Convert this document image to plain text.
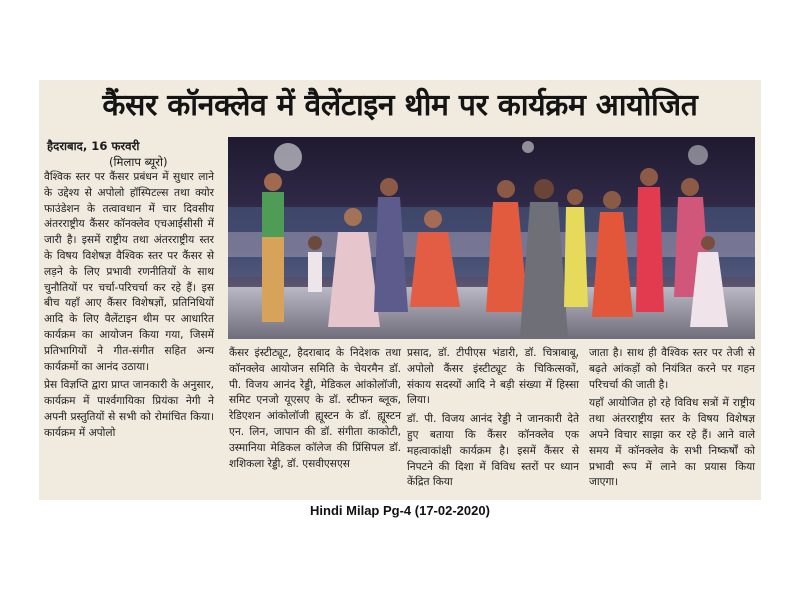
कैंसर कॉनक्लेव में वैलेंटाइन थीम पर कार्यक्रम आयोजित
हैदराबाद, 16 फरवरी
(मिलाप ब्यूरो)

वैश्विक स्तर पर कैंसर प्रबंधन में सुधार लाने के उद्देश्य से अपोलो हॉस्पिटल्स तथा क्योर फाउंडेशन के तत्वावधान में चार दिवसीय अंतरराष्ट्रीय कैंसर कॉनक्लेव एचआईसीसी में जारी है। इसमें राष्ट्रीय तथा अंतरराष्ट्रीय स्तर के विषय विशेषज्ञ वैश्विक स्तर पर कैंसर से लड़ने के लिए प्रभावी रणनीतियों के साथ चुनौतियों पर चर्चा-परिचर्चा कर रहे हैं। इस बीच यहाँ आए कैंसर विशेषज्ञों, प्रतिनिधियों आदि के लिए वैलेंटाइन थीम पर आधारित कार्यक्रम का आयोजन किया गया, जिसमें प्रतिभागियों ने गीत-संगीत सहित अन्य कार्यक्रमों का आनंद उठाया।

प्रेस विज्ञप्ति द्वारा प्राप्त जानकारी के अनुसार, कार्यक्रम में पार्श्वगायिका प्रियंका नेगी ने अपनी प्रस्तुतियों से सभी को रोमांचित किया। कार्यक्रम में अपोलो

कैंसर इंस्टीट्यूट, हैदराबाद के निदेशक तथा कॉनक्लेव आयोजन समिति के चेयरमैन डॉ. पी. विजय आनंद रेड्डी, मेडिकल आंकोलॉजी, समिट एनजो यूएसए के डॉ. स्टीफन ब्लूक, रेडिएशन आंकोलॉजी ह्यूस्टन के डॉ. ह्यूस्टन एन. लिन, जापान की डॉ. संगीता काकोटी, उस्मानिया मेडिकल कॉलेज की प्रिंसिपल डॉ. शशिकला रेड्डी, डॉ. एसवीएसएस

प्रसाद, डॉ. टीपीएस भंडारी, डॉ. चित्राबाबू, अपोलो कैंसर इंस्टीट्यूट के चिकित्सकों, संकाय सदस्यों आदि ने बड़ी संख्या में हिस्सा लिया।

डॉ. पी. विजय आनंद रेड्डी ने जानकारी देते हुए बताया कि कैंसर कॉनक्लेव एक महत्वाकांक्षी कार्यक्रम है। इसमें कैंसर से निपटने की दिशा में विविध स्तरों पर ध्यान केंद्रित किया

जाता है। साथ ही वैश्विक स्तर पर तेजी से बढ़ते आंकड़ों को नियंत्रित करने पर गहन परिचर्चा की जाती है।

यहाँ आयोजित हो रहे विविध सत्रों में राष्ट्रीय तथा अंतरराष्ट्रीय स्तर के विषय विशेषज्ञ अपने विचार साझा कर रहे हैं। आने वाले समय में कॉनक्लेव के सभी निष्कर्षों को प्रभावी रूप में लाने का प्रयास किया जाएगा।

Hindi Milap Pg-4 (17-02-2020)
